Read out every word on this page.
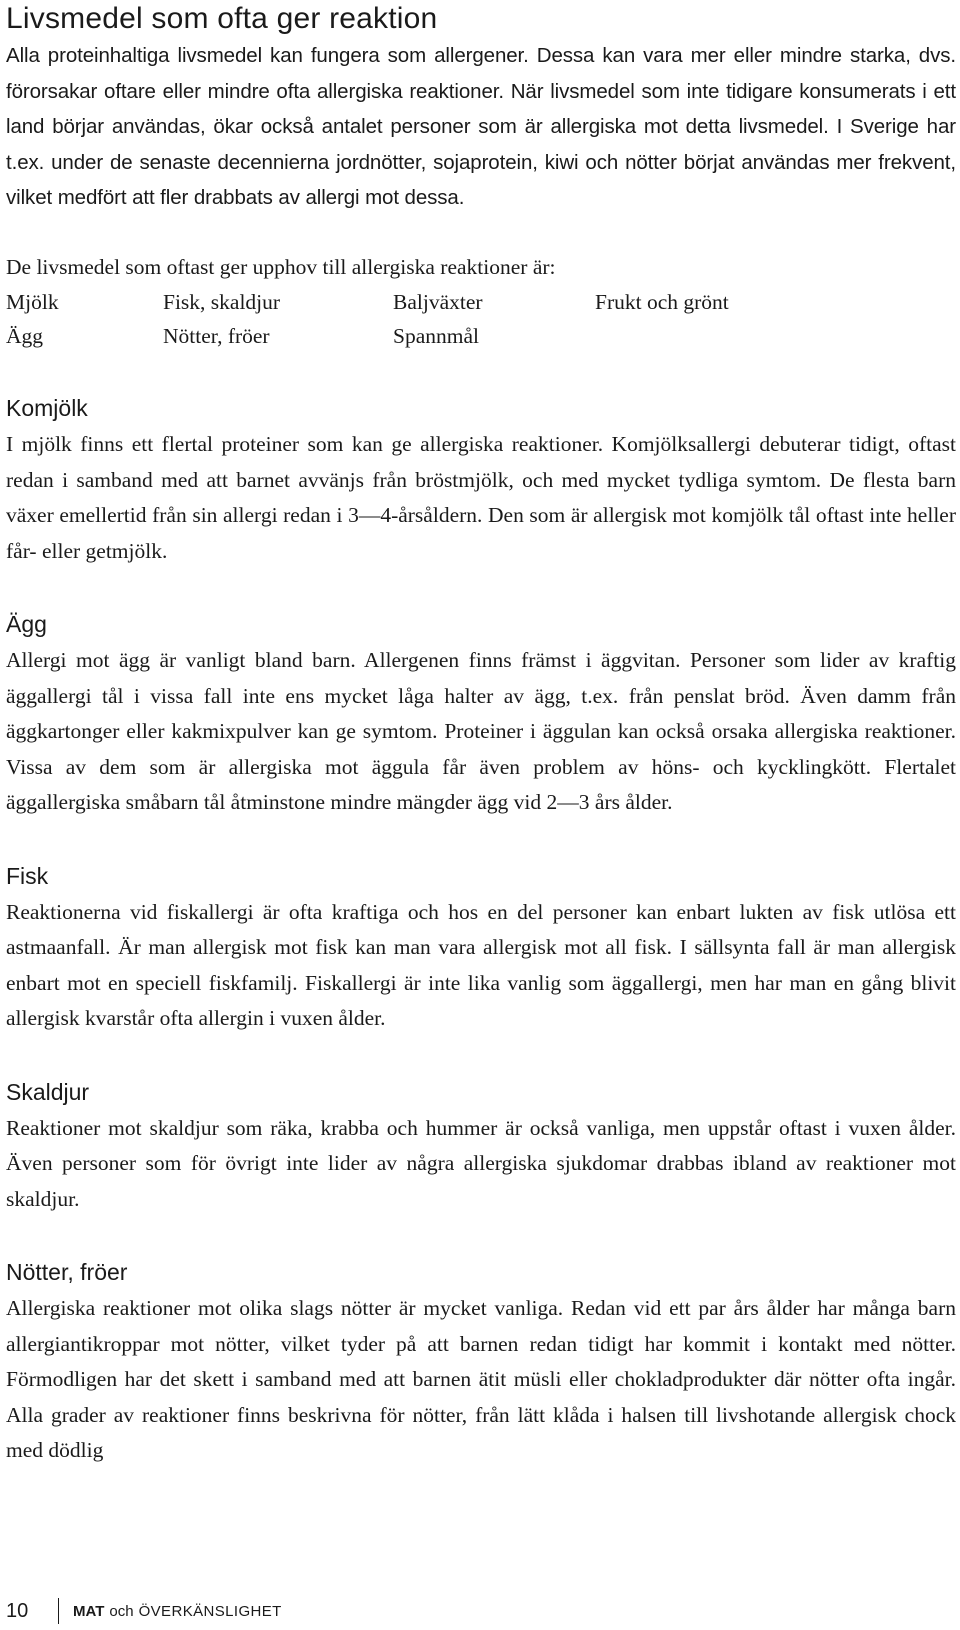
Livsmedel som ofta ger reaktion

Alla proteinhaltiga livsmedel kan fungera som allergener. Dessa kan vara mer eller mindre starka, dvs. förorsakar oftare eller mindre ofta allergiska reaktioner. När livsmedel som inte tidigare konsumerats i ett land börjar användas, ökar också antalet personer som är allergiska mot detta livsmedel. I Sverige har t.ex. under de senaste decennierna jordnötter, sojaprotein, kiwi och nötter börjat användas mer frekvent, vilket medfört att fler drabbats av allergi mot dessa.

De livsmedel som oftast ger upphov till allergiska reaktioner är:

Mjölk	Fisk, skaldjur	Baljväxter	Frukt och grönt
Ägg	Nötter, fröer	Spannmål
Komjölk

I mjölk finns ett flertal proteiner som kan ge allergiska reaktioner. Komjölksallergi debuterar tidigt, oftast redan i samband med att barnet avvänjs från bröstmjölk, och med mycket tydliga symtom. De flesta barn växer emellertid från sin allergi redan i 3—4-årsåldern. Den som är allergisk mot komjölk tål oftast inte heller får- eller getmjölk.

Ägg

Allergi mot ägg är vanligt bland barn. Allergenen finns främst i äggvitan. Personer som lider av kraftig äggallergi tål i vissa fall inte ens mycket låga halter av ägg, t.ex. från penslat bröd. Även damm från äggkartonger eller kakmixpulver kan ge symtom. Proteiner i äggulan kan också orsaka allergiska reaktioner. Vissa av dem som är allergiska mot äggula får även problem av höns- och kycklingkött. Flertalet äggallergiska småbarn tål åtminstone mindre mängder ägg vid 2—3 års ålder.

Fisk

Reaktionerna vid fiskallergi är ofta kraftiga och hos en del personer kan enbart lukten av fisk utlösa ett astmaanfall. Är man allergisk mot fisk kan man vara allergisk mot all fisk. I sällsynta fall är man allergisk enbart mot en speciell fiskfamilj. Fiskallergi är inte lika vanlig som äggallergi, men har man en gång blivit allergisk kvarstår ofta allergin i vuxen ålder.

Skaldjur

Reaktioner mot skaldjur som räka, krabba och hummer är också vanliga, men uppstår oftast i vuxen ålder. Även personer som för övrigt inte lider av några allergiska sjukdomar drabbas ibland av reaktioner mot skaldjur.

Nötter, fröer

Allergiska reaktioner mot olika slags nötter är mycket vanliga. Redan vid ett par års ålder har många barn allergiantikroppar mot nötter, vilket tyder på att barnen redan tidigt har kommit i kontakt med nötter. Förmodligen har det skett i samband med att barnen ätit müsli eller chokladprodukter där nötter ofta ingår. Alla grader av reaktioner finns beskrivna för nötter, från lätt klåda i halsen till livshotande allergisk chock med dödlig

10	MAT och ÖVERKÄNSLIGHET
